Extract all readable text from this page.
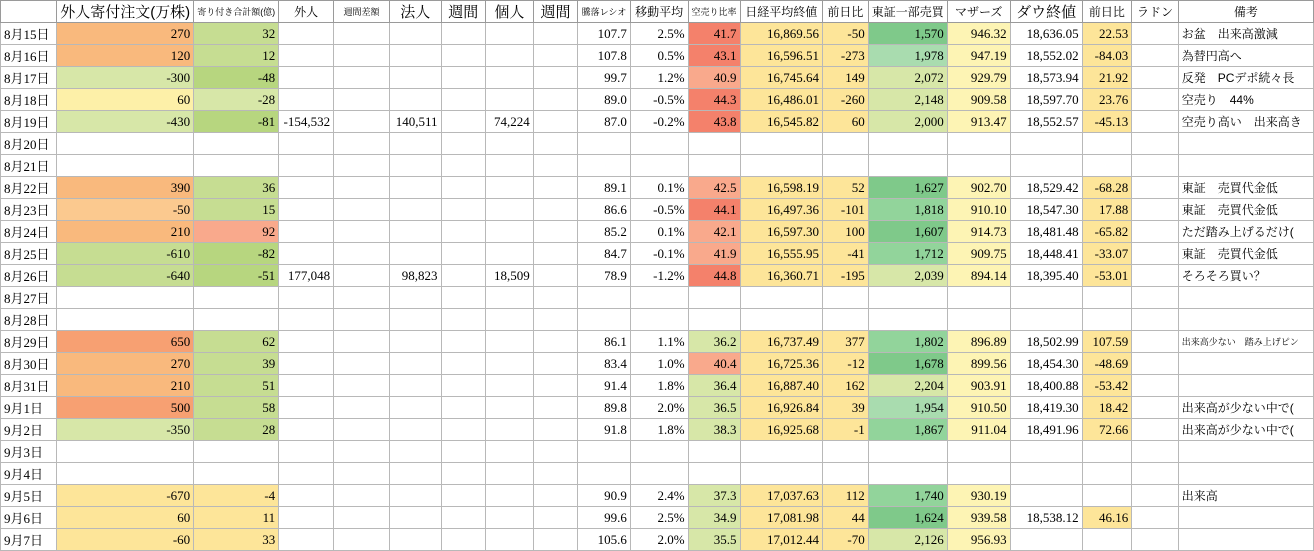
	外人寄付注文(万株)	寄り付き合計額(億)	外人	週間差額	法人	週間	個人	週間	騰落レシオ	移動平均	空売り比率	日経平均終値	前日比	東証一部売買	マザーズ	ダウ終値	前日比	ラドン	備考
8月15日	270	32							107.7	2.5%	41.7	16,869.56	-50	1,570	946.32	18,636.05	22.53		お盆　出来高激減
8月16日	120	12							107.8	0.5%	43.1	16,596.51	-273	1,978	947.19	18,552.02	-84.03		為替円高へ
8月17日	-300	-48							99.7	1.2%	40.9	16,745.64	149	2,072	929.79	18,573.94	21.92		反発　PCデポ続々長
8月18日	60	-28							89.0	-0.5%	44.3	16,486.01	-260	2,148	909.58	18,597.70	23.76		空売り　44%
8月19日	-430	-81	-154,532		140,511		74,224		87.0	-0.2%	43.8	16,545.82	60	2,000	913.47	18,552.57	-45.13		空売り高い　出来高き
8月20日																			
8月21日																			
8月22日	390	36							89.1	0.1%	42.5	16,598.19	52	1,627	902.70	18,529.42	-68.28		東証　売買代金低
8月23日	-50	15							86.6	-0.5%	44.1	16,497.36	-101	1,818	910.10	18,547.30	17.88		東証　売買代金低
8月24日	210	92							85.2	0.1%	42.1	16,597.30	100	1,607	914.73	18,481.48	-65.82		ただ踏み上げるだけ(
8月25日	-610	-82							84.7	-0.1%	41.9	16,555.95	-41	1,712	909.75	18,448.41	-33.07		東証　売買代金低
8月26日	-640	-51	177,048		98,823		18,509		78.9	-1.2%	44.8	16,360.71	-195	2,039	894.14	18,395.40	-53.01		そろそろ買い？
8月27日																			
8月28日																			
8月29日	650	62							86.1	1.1%	36.2	16,737.49	377	1,802	896.89	18,502.99	107.59		出来高少ない　踏み上げピン
8月30日	270	39							83.4	1.0%	40.4	16,725.36	-12	1,678	899.56	18,454.30	-48.69		
8月31日	210	51							91.4	1.8%	36.4	16,887.40	162	2,204	903.91	18,400.88	-53.42		
9月1日	500	58							89.8	2.0%	36.5	16,926.84	39	1,954	910.50	18,419.30	18.42		出来高が少ない中で(
9月2日	-350	28							91.8	1.8%	38.3	16,925.68	-1	1,867	911.04	18,491.96	72.66		出来高が少ない中で(
9月3日																			
9月4日																			
9月5日	-670	-4							90.9	2.4%	37.3	17,037.63	112	1,740	930.19				出来高
9月6日	60	11							99.6	2.5%	34.9	17,081.98	44	1,624	939.58	18,538.12	46.16		
9月7日	-60	33							105.6	2.0%	35.5	17,012.44	-70	2,126	956.93				
